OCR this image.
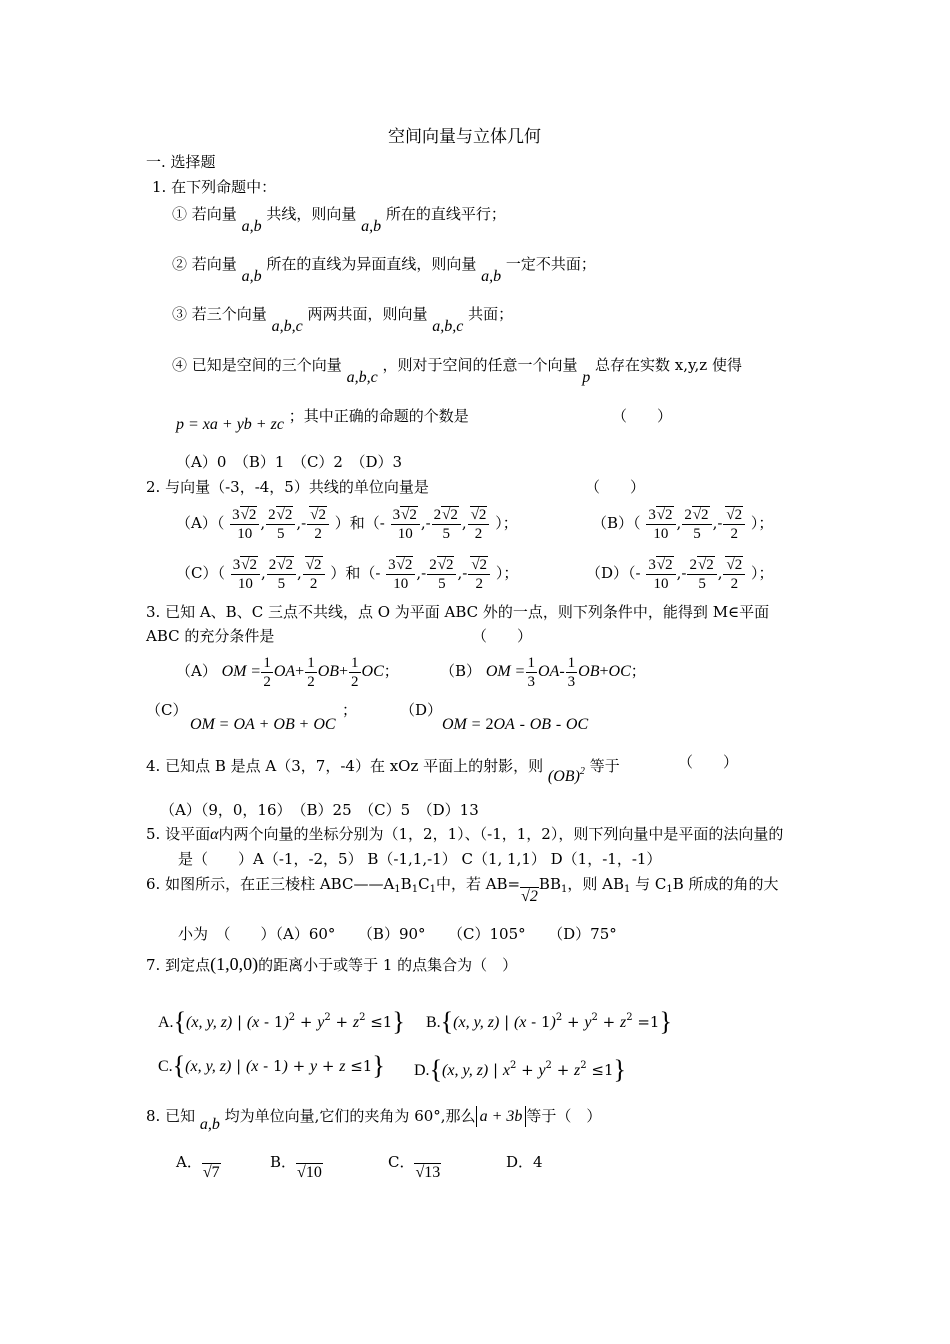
空间向量与立体几何
一. 选择题
1. 在下列命题中：
① 若向量 a,b 共线，则向量 a,b 所在的直线平行；
② 若向量 a,b 所在的直线为异面直线，则向量 a,b 一定不共面；
③ 若三个向量 a,b,c 两两共面，则向量 a,b,c 共面；
④ 已知是空间的三个向量 a,b,c ，则对于空间的任意一个向量 p 总存在实数 x,y,z 使得
p = xa + yb + zc ；其中正确的命题的个数是	（　　）
（A）0　（B）1　（C）2　（D）3
2. 与向量（-3，-4，5）共线的单位向量是	（　　）
$(A)( \frac{3√2}{10}$ , $\frac{2√2}{5}$ ,- $\frac{√2}{2}$ ）和（- $\frac{3√2}{10}$ ,- $\frac{2√2}{5}$ , $\frac{√2}{2}$ ）；	$(B)( \frac{3√2}{10}$ , $\frac{2√2}{5}$ ,- $\frac{√2}{2}$ ）；
$(C)( \frac{3√2}{10}$ , $\frac{2√2}{5}$ , $\frac{√2}{2}$ ）和（- $\frac{3√2}{10}$ ,- $\frac{2√2}{5}$ ,- $\frac{√2}{2}$ ）；	$(D)(- \frac{3√2}{10}$ ,- $\frac{2√2}{5}$ , $\frac{√2}{2}$ ）；
3. 已知 A、B、C 三点不共线，点 O 为平面 ABC 外的一点，则下列条件中，能得到 M∈平面
ABC 的充分条件是	（　　）
（A） OM = $\frac{1}{2} OA+ \frac{1}{2} OB+ \frac{1}{2}$ OC；	（B） OM = $\frac{1}{3} OA- \frac{1}{3} OB+OC$；
（C）
OM = OA + OB + OC
；	（D）
OM = 2OA - OB - OC
4. 已知点 B 是点 A（3，7，-4）在 xOz 平面上的射影，则 (OB)$^2$ 等于	（　　）
（A）（9，0，16）　（B）25　（C）5　（D）13
5. 设平面α内两个向量的坐标分别为（1，2，1）、（-1，1，2），则下列向量中是平面的法向量的
是（　　）A（-1，-2，5） B（-1,1,-1） C（1, 1,1） D（1，-1，-1）
6. 如图所示，在正三棱柱 $ABC——A_1B_1C_1$中，若 $AB=√2BB_1$，则 $AB_1$ 与 $C_1B$ 所成的角的大
小为　（　　）（A）60°　　（B）90°　　（C）105°　　（D）75°
7. 到定点(1,0,0)的距离小于或等于 1 的点集合为（　）
A.{(x, y, z) | $(x - 1)^2 + y^2 + z^2 \le 1$} B.{(x, y, z) | $(x - 1)^2 + y^2 + z^2 =1$}
C.{(x, y, z) | (x - 1) + y + z ≤1} D.{(x, y, z) | $x^2 + y^2 + z^2 \le 1$}
8. 已知 a,b 均为单位向量,它们的夹角为 60°,那么 a + 3b 等于（　）
A．√7
B．√10
C．√13
D．4
